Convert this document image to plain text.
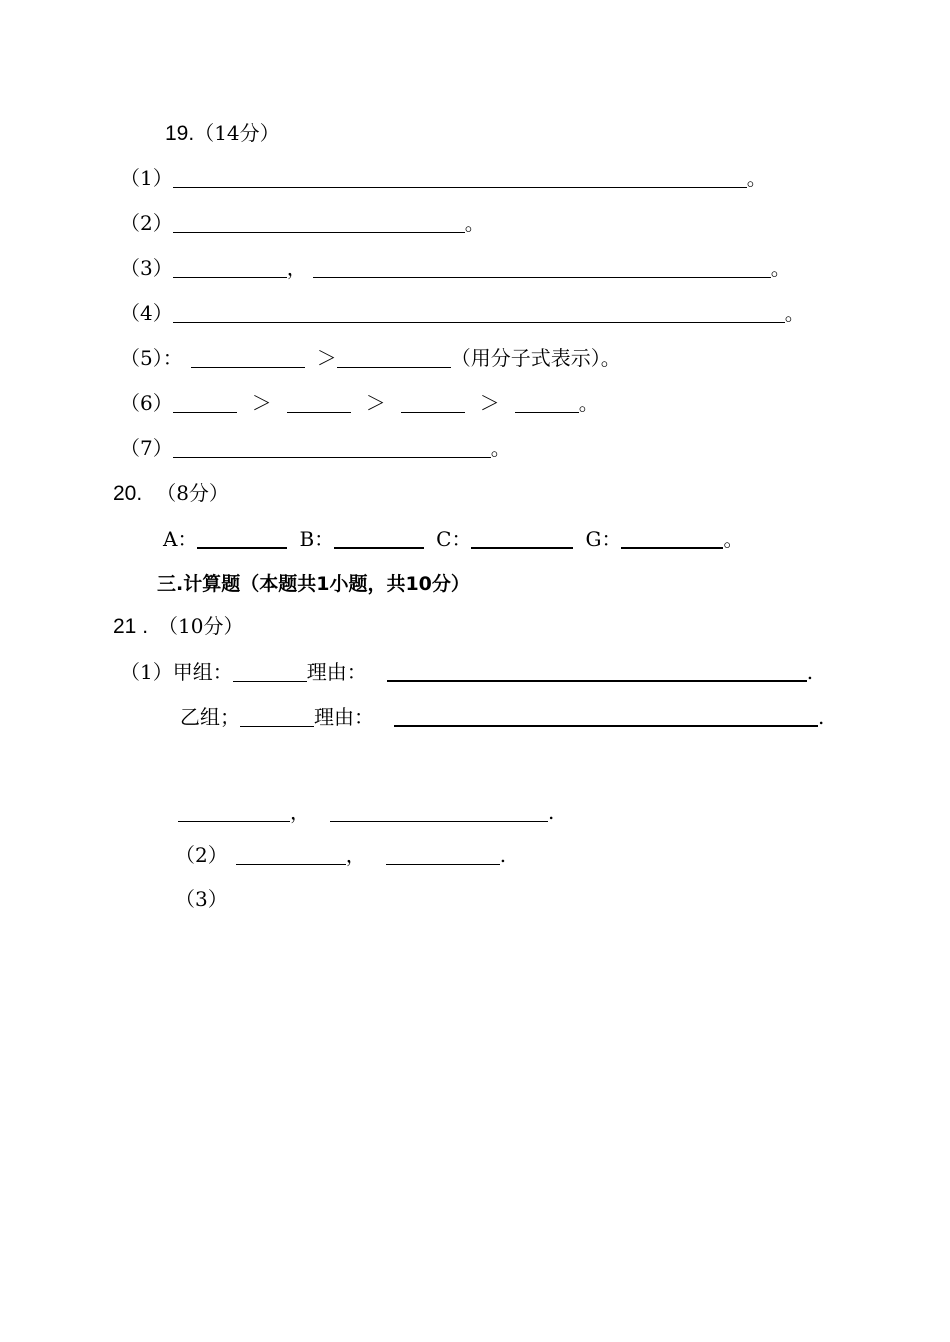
19.（14分）
（1）	。
（2）	。
（3）	，	。
（4）	。
（5）：	＞	（用分子式表示）。
（6）	＞	＞	＞	。
（7）	。
20. （8分）
A：	B：	C：	G：	。
三.计算题（本题共1小题，共10分）
21 . （10分）
（1）甲组：	理由：	.
乙组；	理由：	.
，	.
（2）	，	.
（3）
